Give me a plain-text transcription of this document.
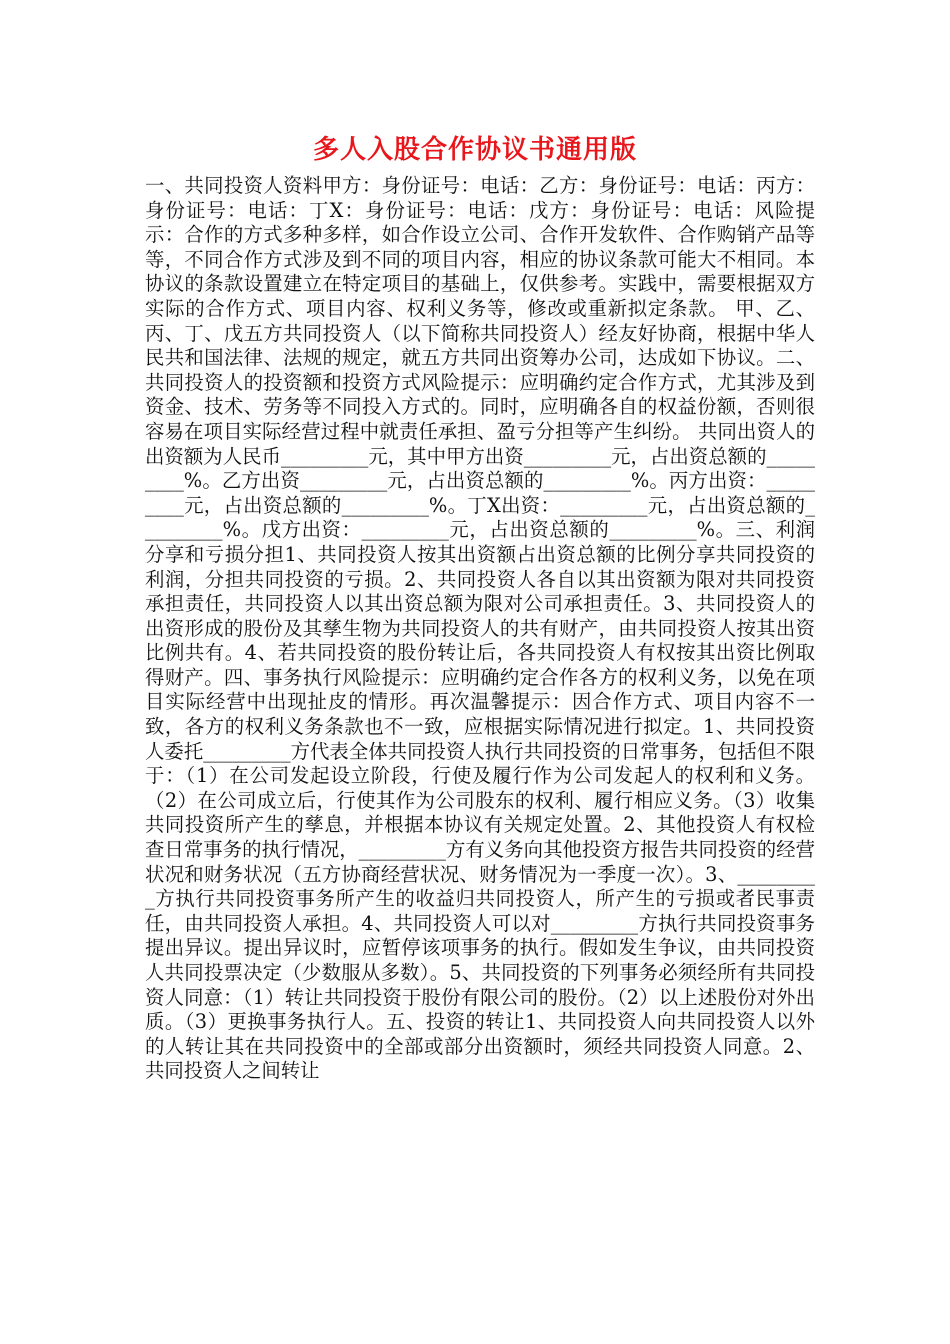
多人入股合作协议书通用版

一、共同投资人资料甲方：身份证号：电话：乙方：身份证号：电话：丙方：身份证号：电话：丁X：身份证号：电话：戊方：身份证号：电话：风险提示：合作的方式多种多样，如合作设立公司、合作开发软件、合作购销产品等等，不同合作方式涉及到不同的项目内容，相应的协议条款可能大不相同。本协议的条款设置建立在特定项目的基础上，仅供参考。实践中，需要根据双方实际的合作方式、项目内容、权利义务等，修改或重新拟定条款。 甲、乙、丙、丁、戊五方共同投资人（以下简称共同投资人）经友好协商，根据中华人民共和国法律、法规的规定，就五方共同出资筹办公司，达成如下协议。二、共同投资人的投资额和投资方式风险提示：应明确约定合作方式，尤其涉及到资金、技术、劳务等不同投入方式的。同时，应明确各自的权益份额，否则很容易在项目实际经营过程中就责任承担、盈亏分担等产生纠纷。 共同出资人的出资额为人民币_________元，其中甲方出资_________元，占出资总额的_________%。乙方出资_________元，占出资总额的_________%。丙方出资：_________元，占出资总额的_________%。丁X出资：_________元，占出资总额的_________%。戊方出资：_________元，占出资总额的_________%。三、利润分享和亏损分担1、共同投资人按其出资额占出资总额的比例分享共同投资的利润，分担共同投资的亏损。2、共同投资人各自以其出资额为限对共同投资承担责任，共同投资人以其出资总额为限对公司承担责任。3、共同投资人的出资形成的股份及其孳生物为共同投资人的共有财产，由共同投资人按其出资比例共有。4、若共同投资的股份转让后，各共同投资人有权按其出资比例取得财产。四、事务执行风险提示：应明确约定合作各方的权利义务，以免在项目实际经营中出现扯皮的情形。再次温馨提示：因合作方式、项目内容不一致，各方的权利义务条款也不一致，应根据实际情况进行拟定。1、共同投资人委托_________方代表全体共同投资人执行共同投资的日常事务，包括但不限于：（1）在公司发起设立阶段，行使及履行作为公司发起人的权利和义务。（2）在公司成立后，行使其作为公司股东的权利、履行相应义务。（3）收集共同投资所产生的孳息，并根据本协议有关规定处置。2、其他投资人有权检查日常事务的执行情况，_________方有义务向其他投资方报告共同投资的经营状况和财务状况（五方协商经营状况、财务情况为一季度一次）。3、_________方执行共同投资事务所产生的收益归共同投资人，所产生的亏损或者民事责任，由共同投资人承担。4、共同投资人可以对_________方执行共同投资事务提出异议。提出异议时，应暂停该项事务的执行。假如发生争议，由共同投资人共同投票决定（少数服从多数）。5、共同投资的下列事务必须经所有共同投资人同意：（1）转让共同投资于股份有限公司的股份。（2）以上述股份对外出质。（3）更换事务执行人。五、投资的转让1、共同投资人向共同投资人以外的人转让其在共同投资中的全部或部分出资额时，须经共同投资人同意。2、共同投资人之间转让
